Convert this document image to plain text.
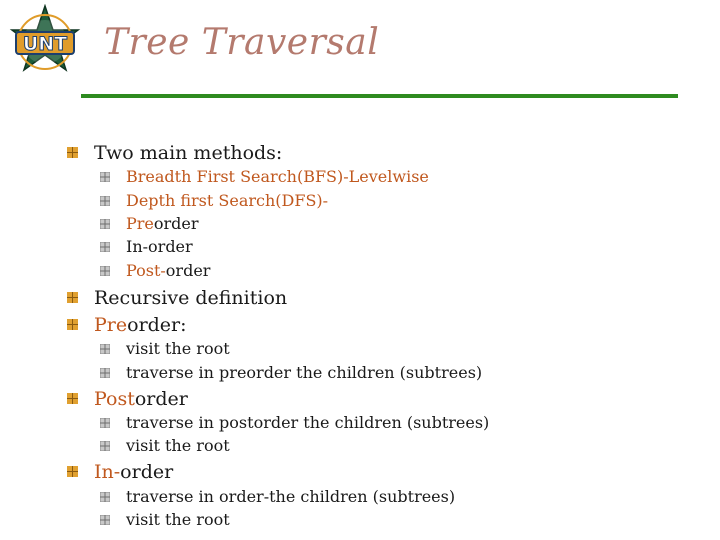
UNT Tree Traversal
Two main methods:
Breadth First Search(BFS)-Levelwise
Depth first Search(DFS)-
Preorder
In-order
Post-order
Recursive definition
Preorder:
visit the root
traverse in preorder the children (subtrees)
Postorder
traverse in postorder the children (subtrees)
visit the root
In-order
traverse in order-the children (subtrees)
visit the root
